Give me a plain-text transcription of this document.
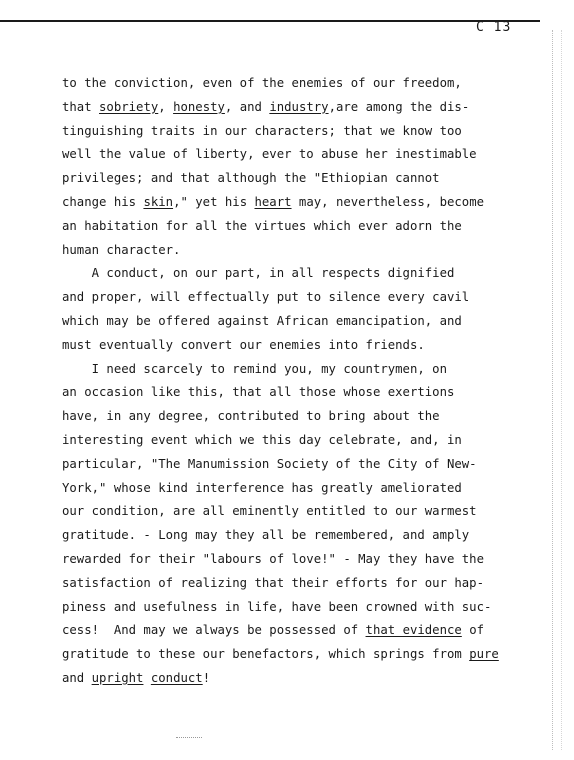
C 13
to the conviction, even of the enemies of our freedom,
that sobriety, honesty, and industry,are among the dis-
tinguishing traits in our characters; that we know too
well the value of liberty, ever to abuse her inestimable
privileges; and that although the "Ethiopian cannot
change his skin," yet his heart may, nevertheless, become
an habitation for all the virtues which ever adorn the
human character.
A conduct, on our part, in all respects dignified
and proper, will effectually put to silence every cavil
which may be offered against African emancipation, and
must eventually convert our enemies into friends.
I need scarcely to remind you, my countrymen, on
an occasion like this, that all those whose exertions
have, in any degree, contributed to bring about the
interesting event which we this day celebrate, and, in
particular, "The Manumission Society of the City of New-
York," whose kind interference has greatly ameliorated
our condition, are all eminently entitled to our warmest
gratitude. - Long may they all be remembered, and amply
rewarded for their "labours of love!" - May they have the
satisfaction of realizing that their efforts for our hap-
piness and usefulness in life, have been crowned with suc-
cess!  And may we always be possessed of that evidence of
gratitude to these our benefactors, which springs from pure
and upright conduct!
